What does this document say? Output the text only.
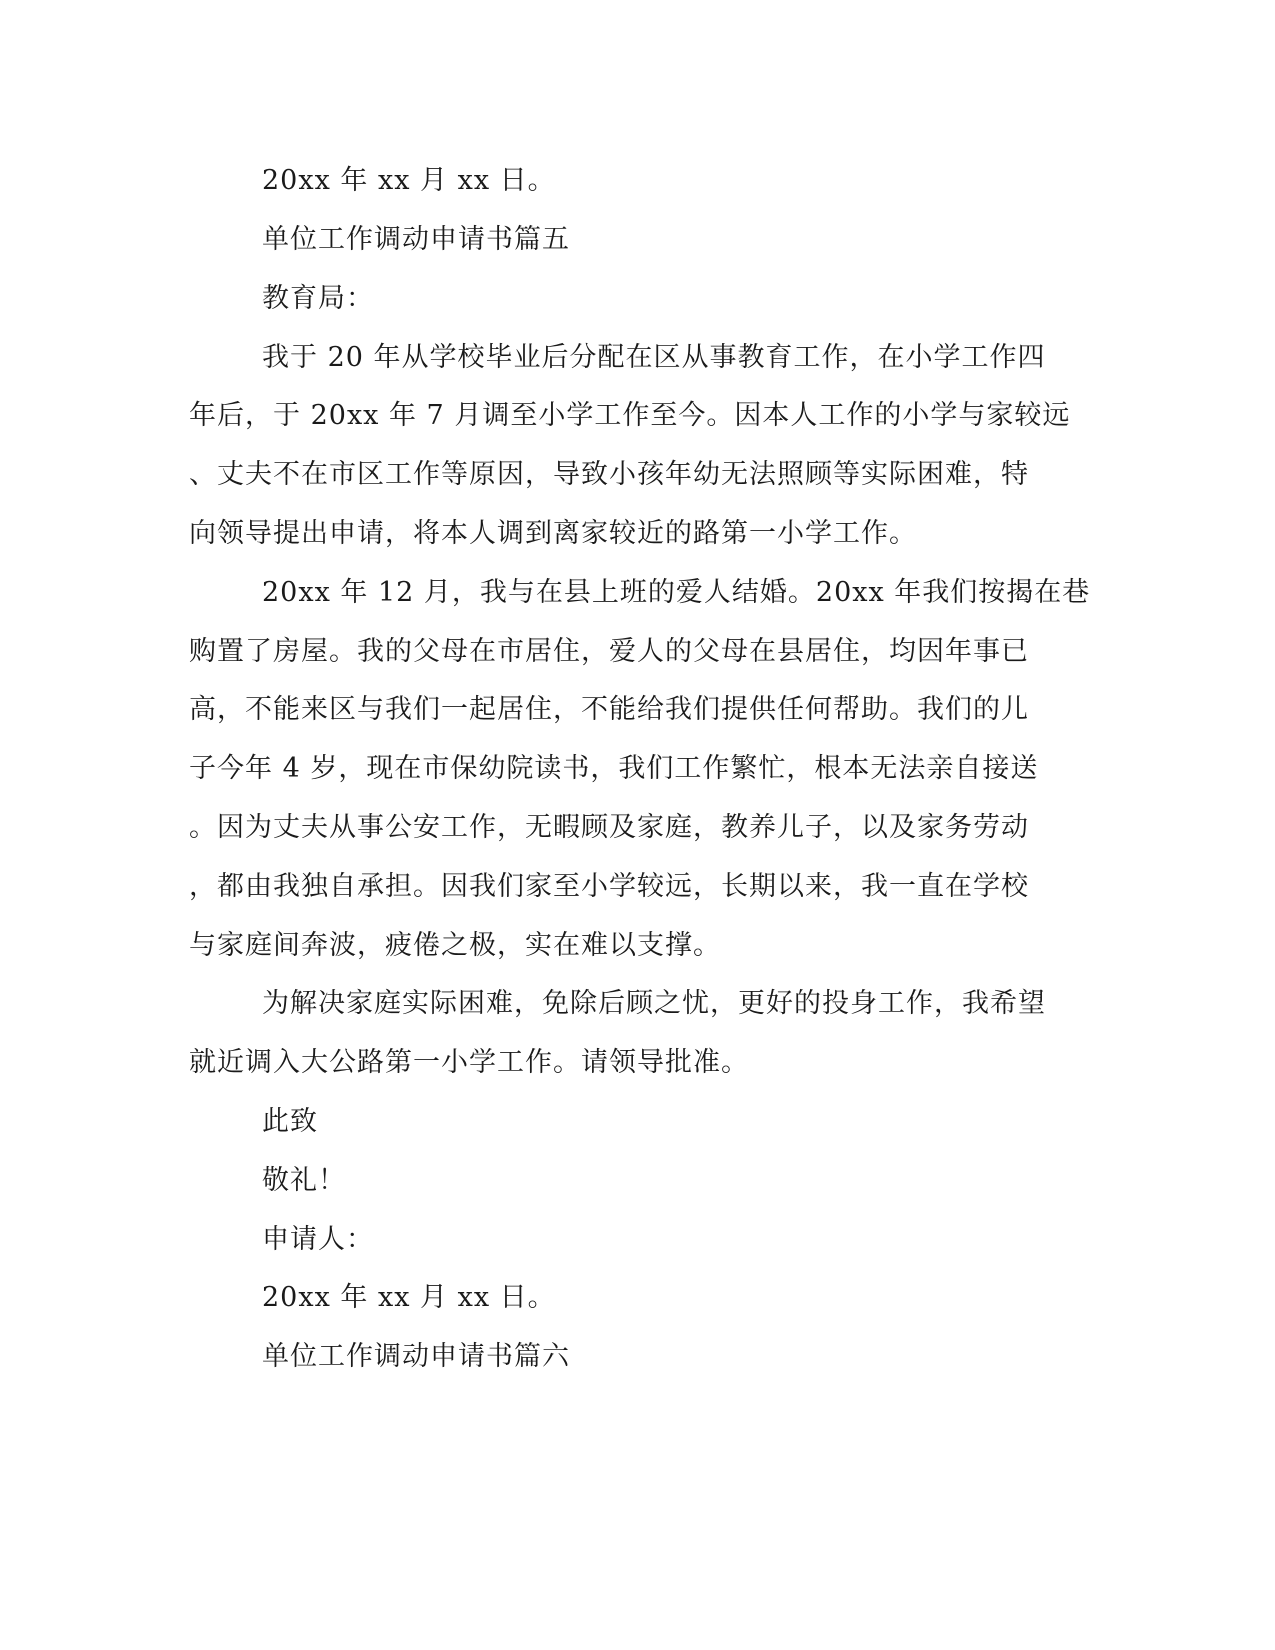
20xx 年 xx 月 xx 日。
单位工作调动申请书篇五
教育局：
我于 20 年从学校毕业后分配在区从事教育工作，在小学工作四
年后，于 20xx 年 7 月调至小学工作至今。因本人工作的小学与家较远
、丈夫不在市区工作等原因，导致小孩年幼无法照顾等实际困难，特
向领导提出申请，将本人调到离家较近的路第一小学工作。
20xx 年 12 月，我与在县上班的爱人结婚。20xx 年我们按揭在巷
购置了房屋。我的父母在市居住，爱人的父母在县居住，均因年事已
高，不能来区与我们一起居住，不能给我们提供任何帮助。我们的儿
子今年 4 岁，现在市保幼院读书，我们工作繁忙，根本无法亲自接送
。因为丈夫从事公安工作，无暇顾及家庭，教养儿子，以及家务劳动
，都由我独自承担。因我们家至小学较远，长期以来，我一直在学校
与家庭间奔波，疲倦之极，实在难以支撑。
为解决家庭实际困难，免除后顾之忧，更好的投身工作，我希望
就近调入大公路第一小学工作。请领导批准。
此致
敬礼！
申请人：
20xx 年 xx 月 xx 日。
单位工作调动申请书篇六
